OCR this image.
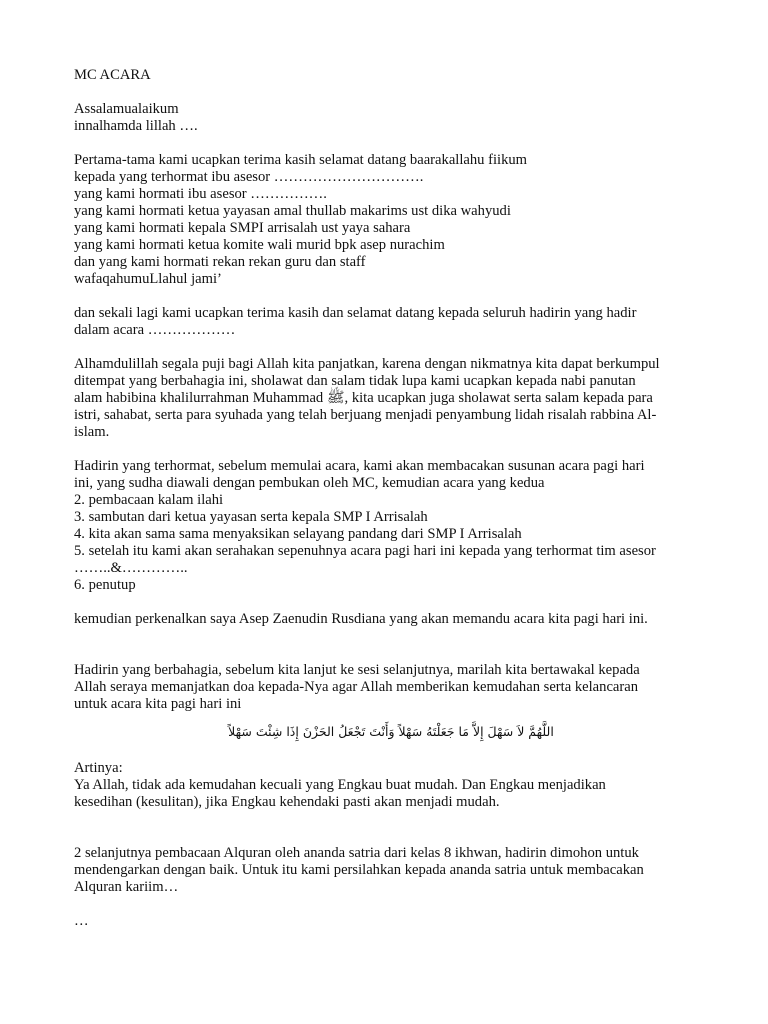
MC ACARA
Assalamualaikum
innalhamda lillah ….
Pertama-tama kami ucapkan terima kasih selamat datang baarakallahu fiikum
kepada yang terhormat ibu asesor ………………………….
yang kami hormati ibu asesor …………….
yang kami hormati ketua yayasan amal thullab makarims ust dika wahyudi
yang kami hormati kepala SMPI arrisalah ust yaya sahara
yang kami hormati ketua komite wali murid bpk asep nurachim
dan yang kami hormati rekan rekan guru dan staff
wafaqahumuLlahul jami’
dan sekali lagi kami ucapkan terima kasih dan selamat datang kepada seluruh hadirin yang hadir
dalam acara ………………
Alhamdulillah segala puji bagi Allah kita panjatkan, karena dengan nikmatnya kita dapat berkumpul
ditempat yang berbahagia ini, sholawat dan salam tidak lupa kami ucapkan kepada nabi panutan
alam habibina khalilurrahman Muhammad ﷺ, kita ucapkan juga sholawat serta salam kepada para
istri, sahabat, serta para syuhada yang telah berjuang menjadi penyambung lidah risalah rabbina Al-
islam.
Hadirin yang terhormat, sebelum memulai acara, kami akan membacakan susunan acara pagi hari
ini, yang sudha diawali dengan pembukan oleh MC, kemudian acara yang kedua
2. pembacaan kalam ilahi
3. sambutan dari ketua yayasan serta kepala SMP I Arrisalah
4. kita akan sama sama menyaksikan selayang pandang dari SMP I Arrisalah
5. setelah itu kami akan serahakan sepenuhnya acara pagi hari ini kepada yang terhormat tim asesor
……..&…………..
6. penutup
kemudian perkenalkan saya Asep Zaenudin Rusdiana yang akan memandu acara kita pagi hari ini.
Hadirin yang berbahagia, sebelum kita lanjut ke sesi selanjutnya, marilah kita bertawakal kepada
Allah seraya memanjatkan doa kepada-Nya agar Allah memberikan kemudahan serta kelancaran
untuk acara kita pagi hari ini
اللَّهُمَّ لاَ سَهْلَ إِلاَّ مَا جَعَلْتَهُ سَهْلاً وَأَنْتَ تَجْعَلُ الحَزْنَ إِذَا شِئْتَ سَهْلاً
Artinya:
Ya Allah, tidak ada kemudahan kecuali yang Engkau buat mudah. Dan Engkau menjadikan
kesedihan (kesulitan), jika Engkau kehendaki pasti akan menjadi mudah.
2 selanjutnya pembacaan Alquran oleh ananda satria dari kelas 8 ikhwan, hadirin dimohon untuk
mendengarkan dengan baik. Untuk itu kami persilahkan kepada ananda satria untuk membacakan
Alquran kariim…
…
